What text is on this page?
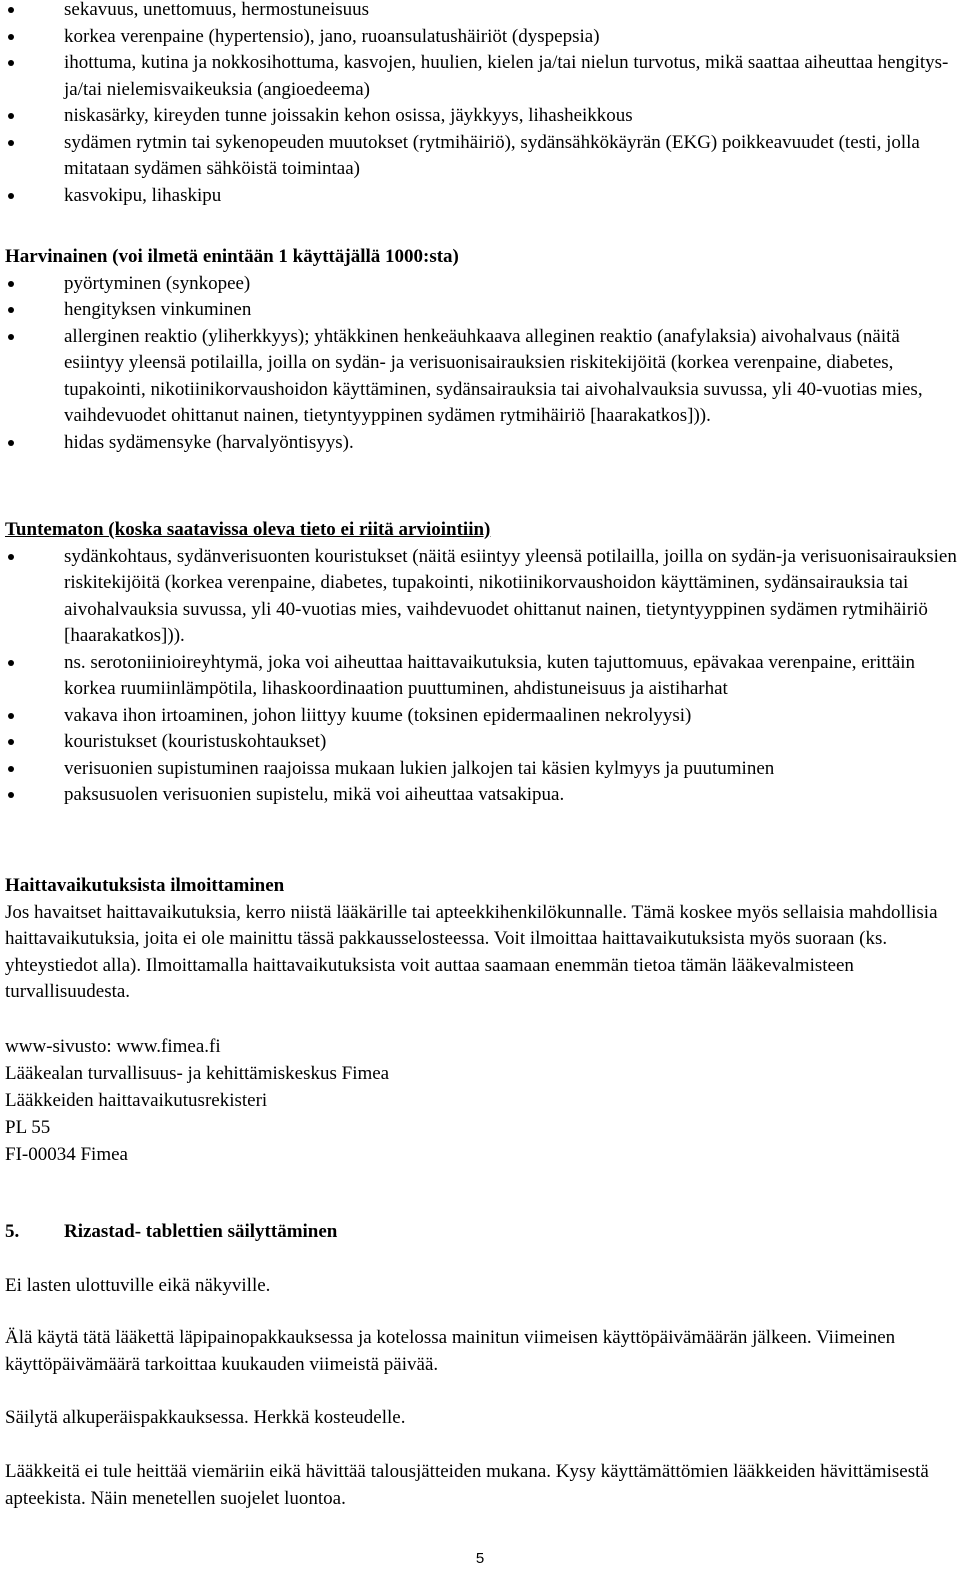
sekavuus, unettomuus, hermostuneisuus
korkea verenpaine (hypertensio), jano, ruoansulatushäiriöt (dyspepsia)
ihottuma, kutina ja nokkosihottuma, kasvojen, huulien, kielen ja/tai nielun turvotus, mikä saattaa aiheuttaa hengitys- ja/tai nielemisvaikeuksia (angioedeema)
niskasärky, kireyden tunne joissakin kehon osissa, jäykkyys, lihasheikkous
sydämen rytmin tai sykenopeuden muutokset (rytmihäiriö), sydänsähkökäyrän (EKG) poikkeavuudet (testi, jolla mitataan sydämen sähköistä toimintaa)
kasvokipu, lihaskipu
Harvinainen (voi ilmetä enintään 1 käyttäjällä 1000:sta)
pyörtyminen (synkopee)
hengityksen vinkuminen
allerginen reaktio (yliherkkyys); yhtäkkinen henkeäuhkaava alleginen reaktio (anafylaksia) aivohalvaus (näitä esiintyy yleensä potilailla, joilla on sydän- ja verisuonisairauksien riskitekijöitä (korkea verenpaine, diabetes, tupakointi, nikotiinikorvaushoidon käyttäminen, sydänsairauksia tai aivohalvauksia suvussa, yli 40-vuotias mies, vaihdevuodet ohittanut nainen, tietyntyyppinen sydämen rytmihäiriö [haarakatkos])).
hidas sydämensyke (harvalyöntisyys).
Tuntematon (koska saatavissa oleva tieto ei riitä arviointiin)
sydänkohtaus, sydänverisuonten kouristukset (näitä esiintyy yleensä potilailla, joilla on sydän-ja verisuonisairauksien riskitekijöitä (korkea verenpaine, diabetes, tupakointi, nikotiinikorvaushoidon käyttäminen, sydänsairauksia tai aivohalvauksia suvussa, yli 40-vuotias mies, vaihdevuodet ohittanut nainen, tietyntyyppinen sydämen rytmihäiriö [haarakatkos])).
ns. serotoniinioireyhtymä, joka voi aiheuttaa haittavaikutuksia, kuten tajuttomuus, epävakaa verenpaine, erittäin korkea ruumiinlämpötila, lihaskoordinaation puuttuminen, ahdistuneisuus ja aistiharhat
vakava ihon irtoaminen, johon liittyy kuume (toksinen epidermaalinen nekrolyysi)
kouristukset (kouristuskohtaukset)
verisuonien supistuminen raajoissa mukaan lukien jalkojen tai käsien kylmyys ja puutuminen
paksusuolen verisuonien supistelu, mikä voi aiheuttaa vatsakipua.
Haittavaikutuksista ilmoittaminen
Jos havaitset haittavaikutuksia, kerro niistä lääkärille tai apteekkihenkilökunnalle. Tämä koskee myös sellaisia mahdollisia haittavaikutuksia, joita ei ole mainittu tässä pakkausselosteessa. Voit ilmoittaa haittavaikutuksista myös suoraan (ks. yhteystiedot alla). Ilmoittamalla haittavaikutuksista voit auttaa saamaan enemmän tietoa tämän lääkevalmisteen turvallisuudesta.
www-sivusto: www.fimea.fi
Lääkealan turvallisuus- ja kehittämiskeskus Fimea
Lääkkeiden haittavaikutusrekisteri
PL 55
FI-00034 Fimea
5. Rizastad- tablettien säilyttäminen
Ei lasten ulottuville eikä näkyville.
Älä käytä tätä lääkettä läpipainopakkauksessa ja kotelossa mainitun viimeisen käyttöpäivämäärän jälkeen. Viimeinen käyttöpäivämäärä tarkoittaa kuukauden viimeistä päivää.
Säilytä alkuperäispakkauksessa. Herkkä kosteudelle.
Lääkkeitä ei tule heittää viemäriin eikä hävittää talousjätteiden mukana. Kysy käyttämättömien lääkkeiden hävittämisestä apteekista. Näin menetellen suojelet luontoa.
5
